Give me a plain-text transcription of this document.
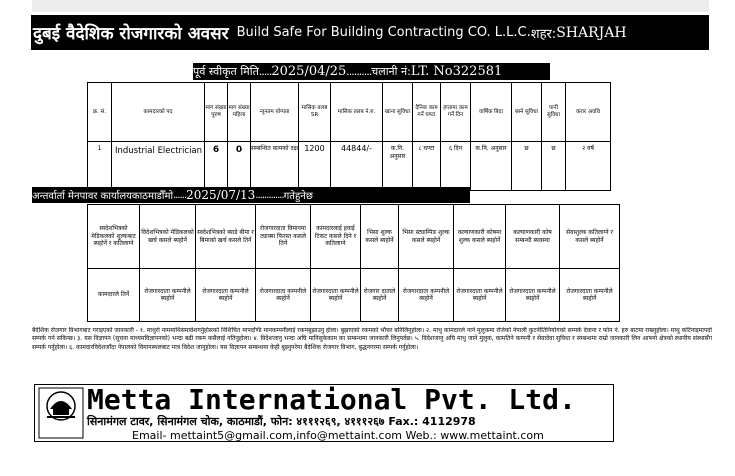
दुबई वैदेशिक रोजगारको अवसर Build Safe For Building Contracting CO. L.L.C. शहर: SHARJAH
पूर्व स्वीकृत मिति ..... 2025/04/25 .......... चलानी नं: LT. No322581
क्र. सं.	कामदारको पद	माग संख्या पुरुष	माग संख्या महिला	न्यूनतम योग्यता	मासिक तलब SR	मासिक तलब ने.रु.	खाना सुविधा	दैनिक काम गर्ने घण्टा	हप्तामा काम गर्ने दिन	वार्षिक बिदा	बस्ने सुविधा	पानी सुविधा	करार अवधि
1	Industrial Electrician	6	0	सम्बन्धित कामको दक्ष	1200	44844/-	क.नि. अनुसार	८ घण्टा	६ दिन	क.नि. अनुसार	छ	छ	२ वर्ष
अन्तर्वार्ता मेनपावर कार्यालयकाठमाडौँमो ...... 2025/07/13 ............. गतेहुनेछ
स्वदेशभित्रको मेडिकलको शुल्कबाट ब्यहोर्ने र कतिलाग्ने	विदेशभित्रको मेडिकलको खर्च कसले ब्यहोर्ने	स्वदेशभित्रको ब्याडे बीमा र बिमाको खर्च कसले तिर्ने	रोजगारदाता विमानमा ट्याक्स फिरस्त कसले तिर्ने	कामदारलाई हवाई टिकट कसले दिने र कतिलाग्ने	भिसा शुल्क कसले ब्यहोर्ने	भिसा स्ट्याम्पिङ शुल्क कसले ब्यहोर्ने	कल्याणकारी कोषमा शुल्क कसले ब्यहोर्ने	कल्याणकारी कोष सम्बन्धी ब्यवस्था	सेवाशुल्क कतिलाग्ने र कसले ब्यहोर्ने
कामदारले तिर्ने	रोजगारदाता कम्पनीले ब्यहोर्ने	रोजगारदाता कम्पनीले ब्यहोर्ने	रोजगारदाता कम्पनीले ब्यहोर्ने	रोजगारदाता कम्पनीले ब्यहोर्ने	रोजगार दाताले ब्यहोर्ने	रोजगारदाता कम्पनीले ब्यहोर्ने	रोजगारदाता कम्पनीले ब्यहोर्ने	रोजगारदाता कम्पनीले ब्यहोर्ने	रोजगारदाता कम्पनीले ब्यहोर्ने
बैदेशिक रोजगार विभागबाट गराइएको जानकारी - १. माथुरो नाममाथिसमावेशगर्नुहोसको निशिचित मापदण्डि मानकम्पनीलाई रकमबुझाउनु होला। बुझाएको रकमको भौचर बनिलिनुहोला। २. माथु कामदारले नाने मुलुकमा रोजेको नेपाली कुटनीतिनियोगको सम्पर्क देवाना र फोन नं. हरु बाटमा राख्नुहोला। माथु कटिनाइमापर्दा सम्पर्क गर्न सकिन्छ। ३. यस विज्ञापन (सूचना माध्यमविज्ञापनको) भन्दा बढी रकम कसैलाई नतिनुहोला। ४. विदेशजानु भन्दा अघि मानिसुकेकाम का सम्बन्धमा जानकारी लिनुपर्दछ। ५. विदेशजानु अघि माथु जाने मुलुक, कामतिने कम्पनी र सेवादेवा सुविधा र सम्बन्धमा राम्रो जानकारी लिन आफ्नो क्षेत्रको स्थानीय संस्थासँग सम्पर्क गर्नुहोला। ६. कामदारविदेशजाँदा नेपालको विमानस्थलबाट मात्र विदेश जानुहोला। यस विज्ञापन सम्बन्धमा केही बुझ्नुपरेमा बैदेशिक रोजगार विभाग, बुद्धनगरमा सम्पर्क गर्नुहोला।
Metta International Pvt. Ltd.
सिनामंगल टावर, सिनामंगल चोक, काठमाडौं, फोन: ४१११२६९, ४१११२६७ Fax.: 4112978
Email- mettaint5@gmail.com,info@mettaint.com Web.: www.mettaint.com
